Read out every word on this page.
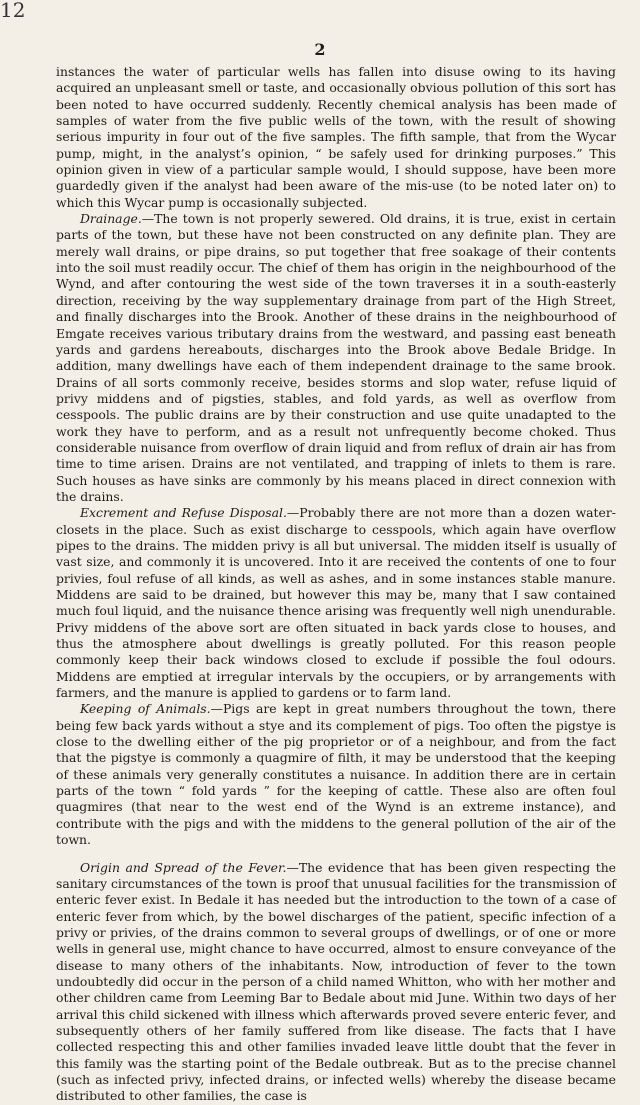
12
2

instances the water of particular wells has fallen into disuse owing to its having acquired an unpleasant smell or taste, and occasionally obvious pollution of this sort has been noted to have occurred suddenly. Recently chemical analysis has been made of samples of water from the five public wells of the town, with the result of showing serious impurity in four out of the five samples. The fifth sample, that from the Wycar pump, might, in the analyst’s opinion, “ be safely used for drinking purposes.” This opinion given in view of a particular sample would, I should suppose, have been more guardedly given if the analyst had been aware of the mis-use (to be noted later on) to which this Wycar pump is occasionally subjected.

Drainage.—The town is not properly sewered. Old drains, it is true, exist in certain parts of the town, but these have not been constructed on any definite plan. They are merely wall drains, or pipe drains, so put together that free soakage of their contents into the soil must readily occur. The chief of them has origin in the neighbourhood of the Wynd, and after contouring the west side of the town traverses it in a south-easterly direction, receiving by the way supplementary drainage from part of the High Street, and finally discharges into the Brook. Another of these drains in the neighbourhood of Emgate receives various tributary drains from the westward, and passing east beneath yards and gardens hereabouts, discharges into the Brook above Bedale Bridge. In addition, many dwellings have each of them independent drainage to the same brook. Drains of all sorts commonly receive, besides storms and slop water, refuse liquid of privy middens and of pigsties, stables, and fold yards, as well as overflow from cesspools. The public drains are by their construction and use quite unadapted to the work they have to perform, and as a result not unfrequently become choked. Thus considerable nuisance from overflow of drain liquid and from reflux of drain air has from time to time arisen. Drains are not ventilated, and trapping of inlets to them is rare. Such houses as have sinks are commonly by his means placed in direct connexion with the drains.

Excrement and Refuse Disposal.—Probably there are not more than a dozen water-closets in the place. Such as exist discharge to cesspools, which again have overflow pipes to the drains. The midden privy is all but universal. The midden itself is usually of vast size, and commonly it is uncovered. Into it are received the contents of one to four privies, foul refuse of all kinds, as well as ashes, and in some instances stable manure. Middens are said to be drained, but however this may be, many that I saw contained much foul liquid, and the nuisance thence arising was frequently well nigh unendurable. Privy middens of the above sort are often situated in back yards close to houses, and thus the atmosphere about dwellings is greatly polluted. For this reason people commonly keep their back windows closed to exclude if possible the foul odours. Middens are emptied at irregular intervals by the occupiers, or by arrangements with farmers, and the manure is applied to gardens or to farm land.

Keeping of Animals.—Pigs are kept in great numbers throughout the town, there being few back yards without a stye and its complement of pigs. Too often the pigstye is close to the dwelling either of the pig proprietor or of a neighbour, and from the fact that the pigstye is commonly a quagmire of filth, it may be understood that the keeping of these animals very generally constitutes a nuisance. In addition there are in certain parts of the town “ fold yards ” for the keeping of cattle. These also are often foul quagmires (that near to the west end of the Wynd is an extreme instance), and contribute with the pigs and with the middens to the general pollution of the air of the town.

Origin and Spread of the Fever.—The evidence that has been given respecting the sanitary circumstances of the town is proof that unusual facilities for the transmission of enteric fever exist. In Bedale it has needed but the introduction to the town of a case of enteric fever from which, by the bowel discharges of the patient, specific infection of a privy or privies, of the drains common to several groups of dwellings, or of one or more wells in general use, might chance to have occurred, almost to ensure conveyance of the disease to many others of the inhabitants. Now, introduction of fever to the town undoubtedly did occur in the person of a child named Whitton, who with her mother and other children came from Leeming Bar to Bedale about mid June. Within two days of her arrival this child sickened with illness which afterwards proved severe enteric fever, and subsequently others of her family suffered from like disease. The facts that I have collected respecting this and other families invaded leave little doubt that the fever in this family was the starting point of the Bedale outbreak. But as to the precise channel (such as infected privy, infected drains, or infected wells) whereby the disease became distributed to other families, the case is
